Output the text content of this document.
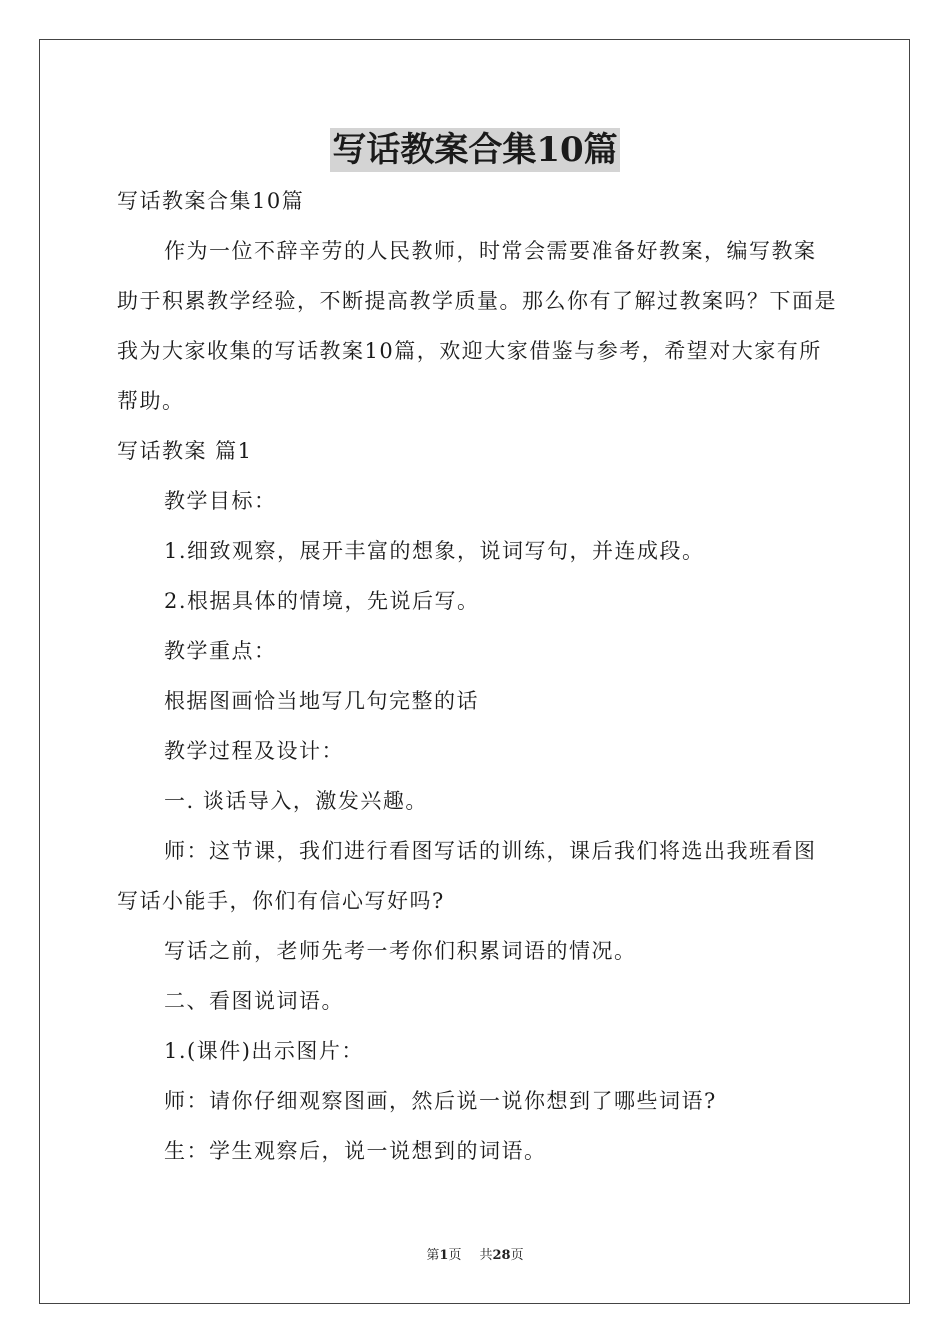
写话教案合集10篇

写话教案合集10篇

作为一位不辞辛劳的人民教师，时常会需要准备好教案，编写教案助于积累教学经验，不断提高教学质量。那么你有了解过教案吗？下面是我为大家收集的写话教案10篇，欢迎大家借鉴与参考，希望对大家有所帮助。

写话教案 篇1

教学目标：

1.细致观察，展开丰富的想象，说词写句，并连成段。

2.根据具体的情境，先说后写。

教学重点：

根据图画恰当地写几句完整的话

教学过程及设计：

一. 谈话导入，激发兴趣。

师：这节课，我们进行看图写话的训练，课后我们将选出我班看图写话小能手，你们有信心写好吗?

写话之前，老师先考一考你们积累词语的情况。

二、看图说词语。

1.(课件)出示图片：

师：请你仔细观察图画，然后说一说你想到了哪些词语?

生：学生观察后，说一说想到的词语。

第1页 共28页
